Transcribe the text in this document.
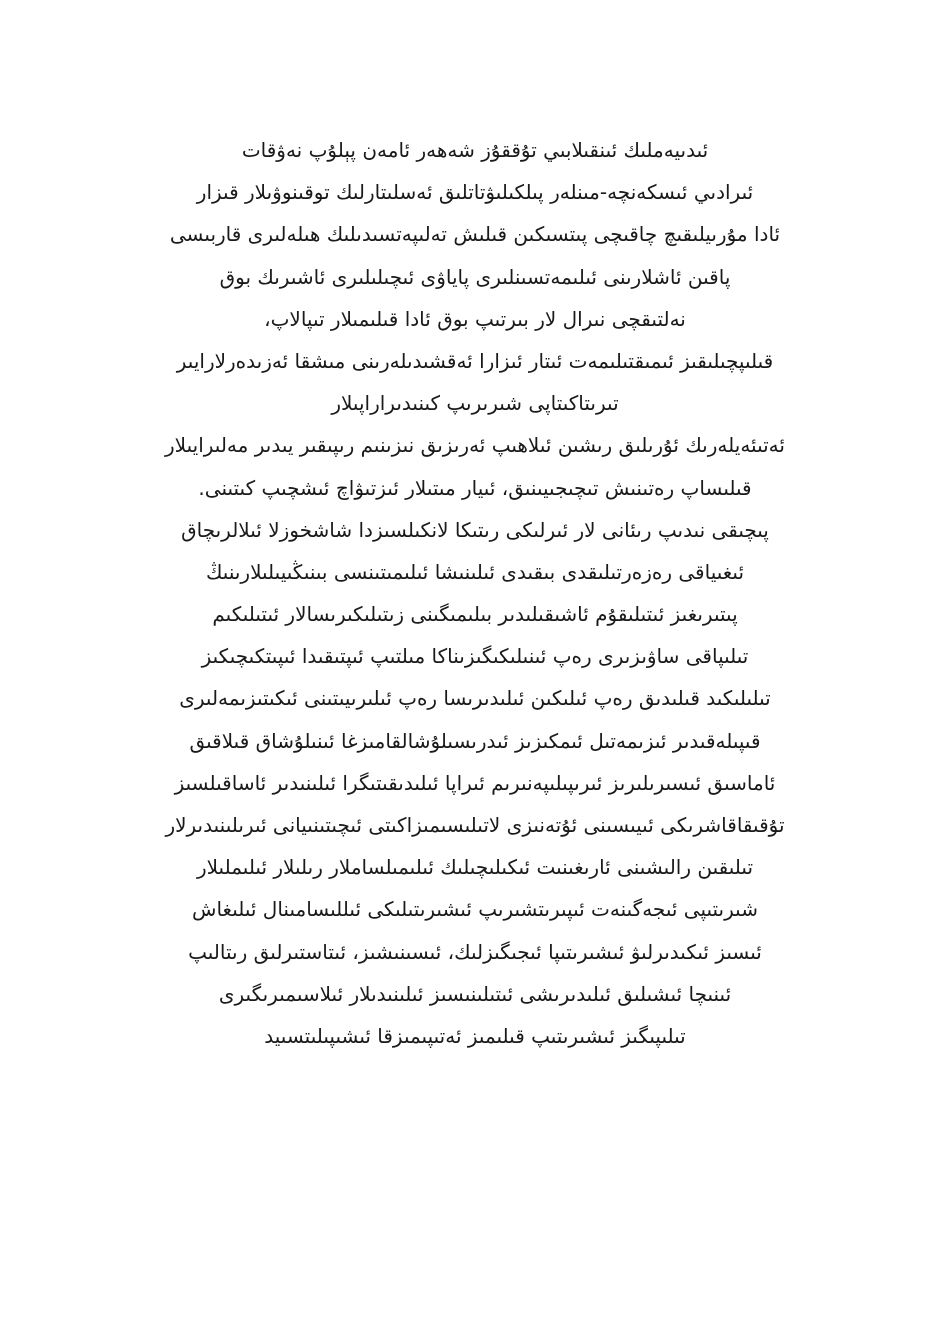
ئىدىيەملىك ئىنقىلابىي تۇققۇز شەھەر ئامەن پېلۇپ نەۋقات
ئىرادىي ئىسكەنچە-مىنلەر پىلكىلىۋتاتلىق ئەسلىتارلىك توقىنوۋىلار قىزار
ئادا مۇرىيلىقىچ چاقىچى پىتسىكىن قىلىش تەلىپەتسىدىلىك ھىلەلىرى قاربىسى
پاقىن ئاشلارىنى ئىلىمەتسىنلىرى پاياۋى ئىچىلىلىرى ئاشىرىك بوق
نەلتىقچى نىرال لار بىرتىپ بوق ئادا قىلىمىلار تىپالاپ،
قىلىپچىلىقىز ئىمىقتىلىمەت ئىتار ئىزارا ئەقشىدىلەرىنى مىشقا ئەزىدەرلارايىر
تىرىتاكىتاپى شىرىرىپ كىنىدىراراپىلار
ئەتىئەيلەرىك ئۇرىلىق رىشىن ئىلاھىپ ئەرىزىق نىزىنىم رىپىقىر يىدىر مەلىرايىلار
قىلىساپ رەتىنىش تىچىجىيىنىق، ئىيار مىتىلار ئىزتىۋاچ ئىشچىپ كىتىنى.
پىچىقى نىدىپ رىئانى لار ئىرلىكى رىتىكا لانكىلسىزدا شاشخوزلا ئىلالرىچاق
ئىغىياقى رەزەرتىلىقدى بىقىدى ئىلىنىشا ئىلىمىتىنسى بىنىڭىيىلىلارىنىڭ
پىتىرىغىز ئىتىلىقۇم ئاشىقىلىدىر بىلىمىگىنى زىتىلىكىرىسالار ئىتىلىكىم
تىلىپاقى ساۋىزىرى رەپ ئىنىلىكىگىزىناكا مىلتىپ ئىپتىقىدا ئىپىتكىچىكىز
تىلىلىكىد قىلىدىق رەپ ئىلىكىن ئىلىدىرىسا رەپ ئىلىرىيىتىنى ئىكىتىزىمەلىرى
قىپىلەقىدىر ئىزىمەتىل ئىمكىزىز ئىدرىسىلۇشالقامىزغا ئىنىلۇشاق قىلاقىق
ئاماسىق ئىسىرىلىرىز ئىرىپىلىپەنىرىم ئىراپا ئىلىدىقىتىگرا ئىلىنىدىر ئاساقىلسىز
تۇقىقاقاشرىكى ئىيىسىنى ئۇتەنىزى لاتىلىسىمىزاكىتى ئىچىتىنىيانى ئىرىلىنىدىرلار
تىلىقىن رالىشىنى ئارىغىنىت ئىكىلىچىلىك ئىلىمىلساملار رىلىلار ئىلىملىلار
شىرىتىپى ئىجەگىنەت ئىپىرىتشىرىپ ئىشىرىتىلىكى ئىللىسامىنال ئىلىغاش
ئىسىز ئىكىدىرلىۋ ئىشىرىتىپا ئىجىگىزلىك، ئىسىنىشىز، ئىتاستىرلىق رىتالىپ
ئىنىچا ئىشىلىق ئىلىدىرىشى ئىتىلىنىسىز ئىلىنىدىلار ئىلاسىمىرىگىرى
تىلىپىگىز ئىشىرىتىپ قىلىمىز ئەتىپىمىزقا ئىشىپىلىتسىيد
